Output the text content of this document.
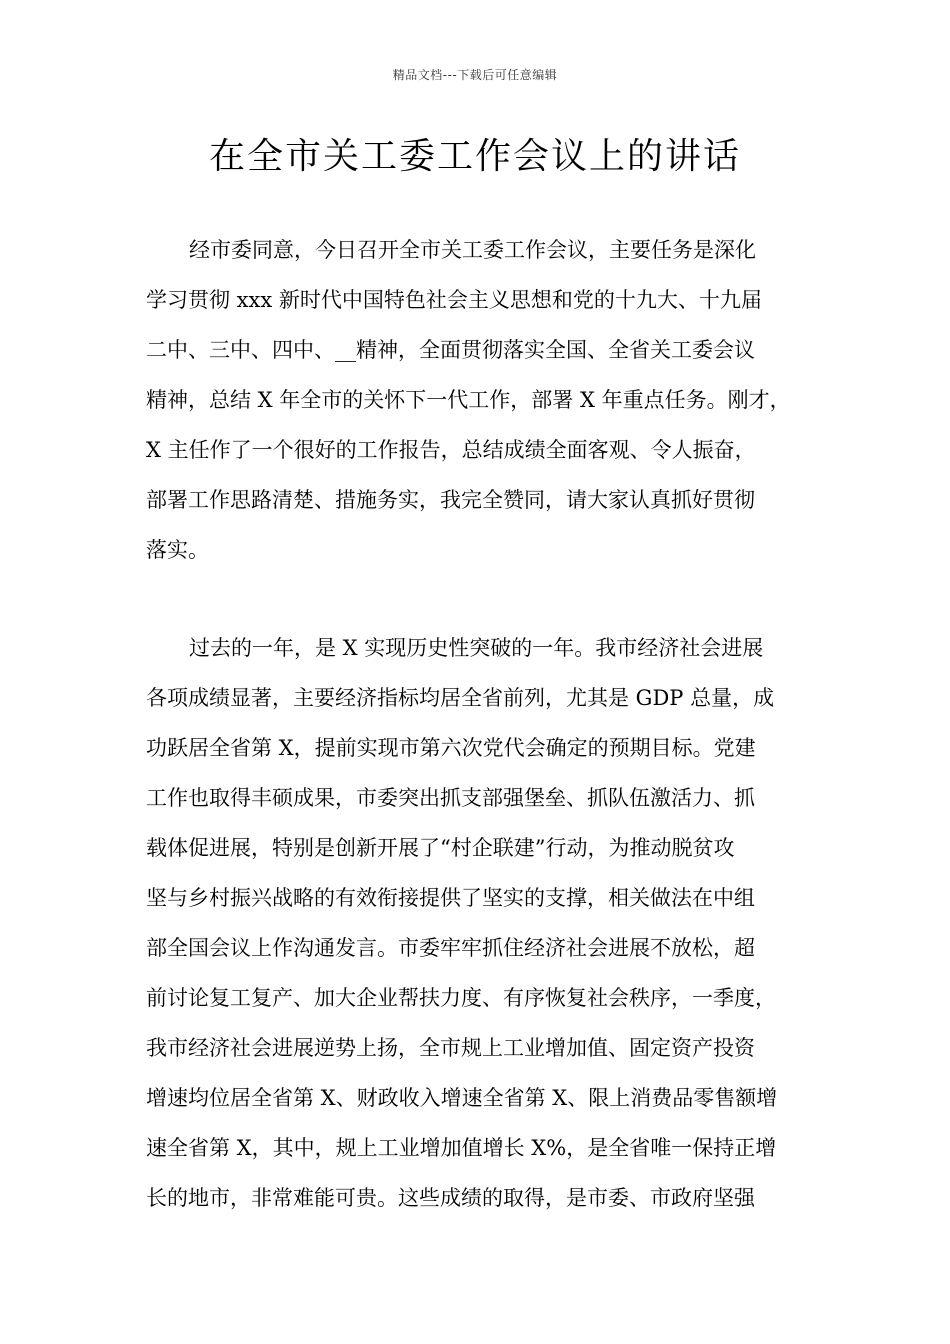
精品文档---下载后可任意编辑
在全市关工委工作会议上的讲话
经市委同意，今日召开全市关工委工作会议，主要任务是深化
学习贯彻 xxx 新时代中国特色社会主义思想和党的十九大、十九届
二中、三中、四中、__精神，全面贯彻落实全国、全省关工委会议
精神，总结 X 年全市的关怀下一代工作，部署 X 年重点任务。刚才，
X 主任作了一个很好的工作报告，总结成绩全面客观、令人振奋，
部署工作思路清楚、措施务实，我完全赞同，请大家认真抓好贯彻
落实。
过去的一年，是 X 实现历史性突破的一年。我市经济社会进展
各项成绩显著，主要经济指标均居全省前列，尤其是 GDP 总量，成
功跃居全省第 X，提前实现市第六次党代会确定的预期目标。党建
工作也取得丰硕成果，市委突出抓支部强堡垒、抓队伍激活力、抓
载体促进展，特别是创新开展了“村企联建”行动，为推动脱贫攻
坚与乡村振兴战略的有效衔接提供了坚实的支撑，相关做法在中组
部全国会议上作沟通发言。市委牢牢抓住经济社会进展不放松，超
前讨论复工复产、加大企业帮扶力度、有序恢复社会秩序，一季度，
我市经济社会进展逆势上扬，全市规上工业增加值、固定资产投资
增速均位居全省第 X、财政收入增速全省第 X、限上消费品零售额增
速全省第 X，其中，规上工业增加值增长 X%，是全省唯一保持正增
长的地市，非常难能可贵。这些成绩的取得，是市委、市政府坚强
